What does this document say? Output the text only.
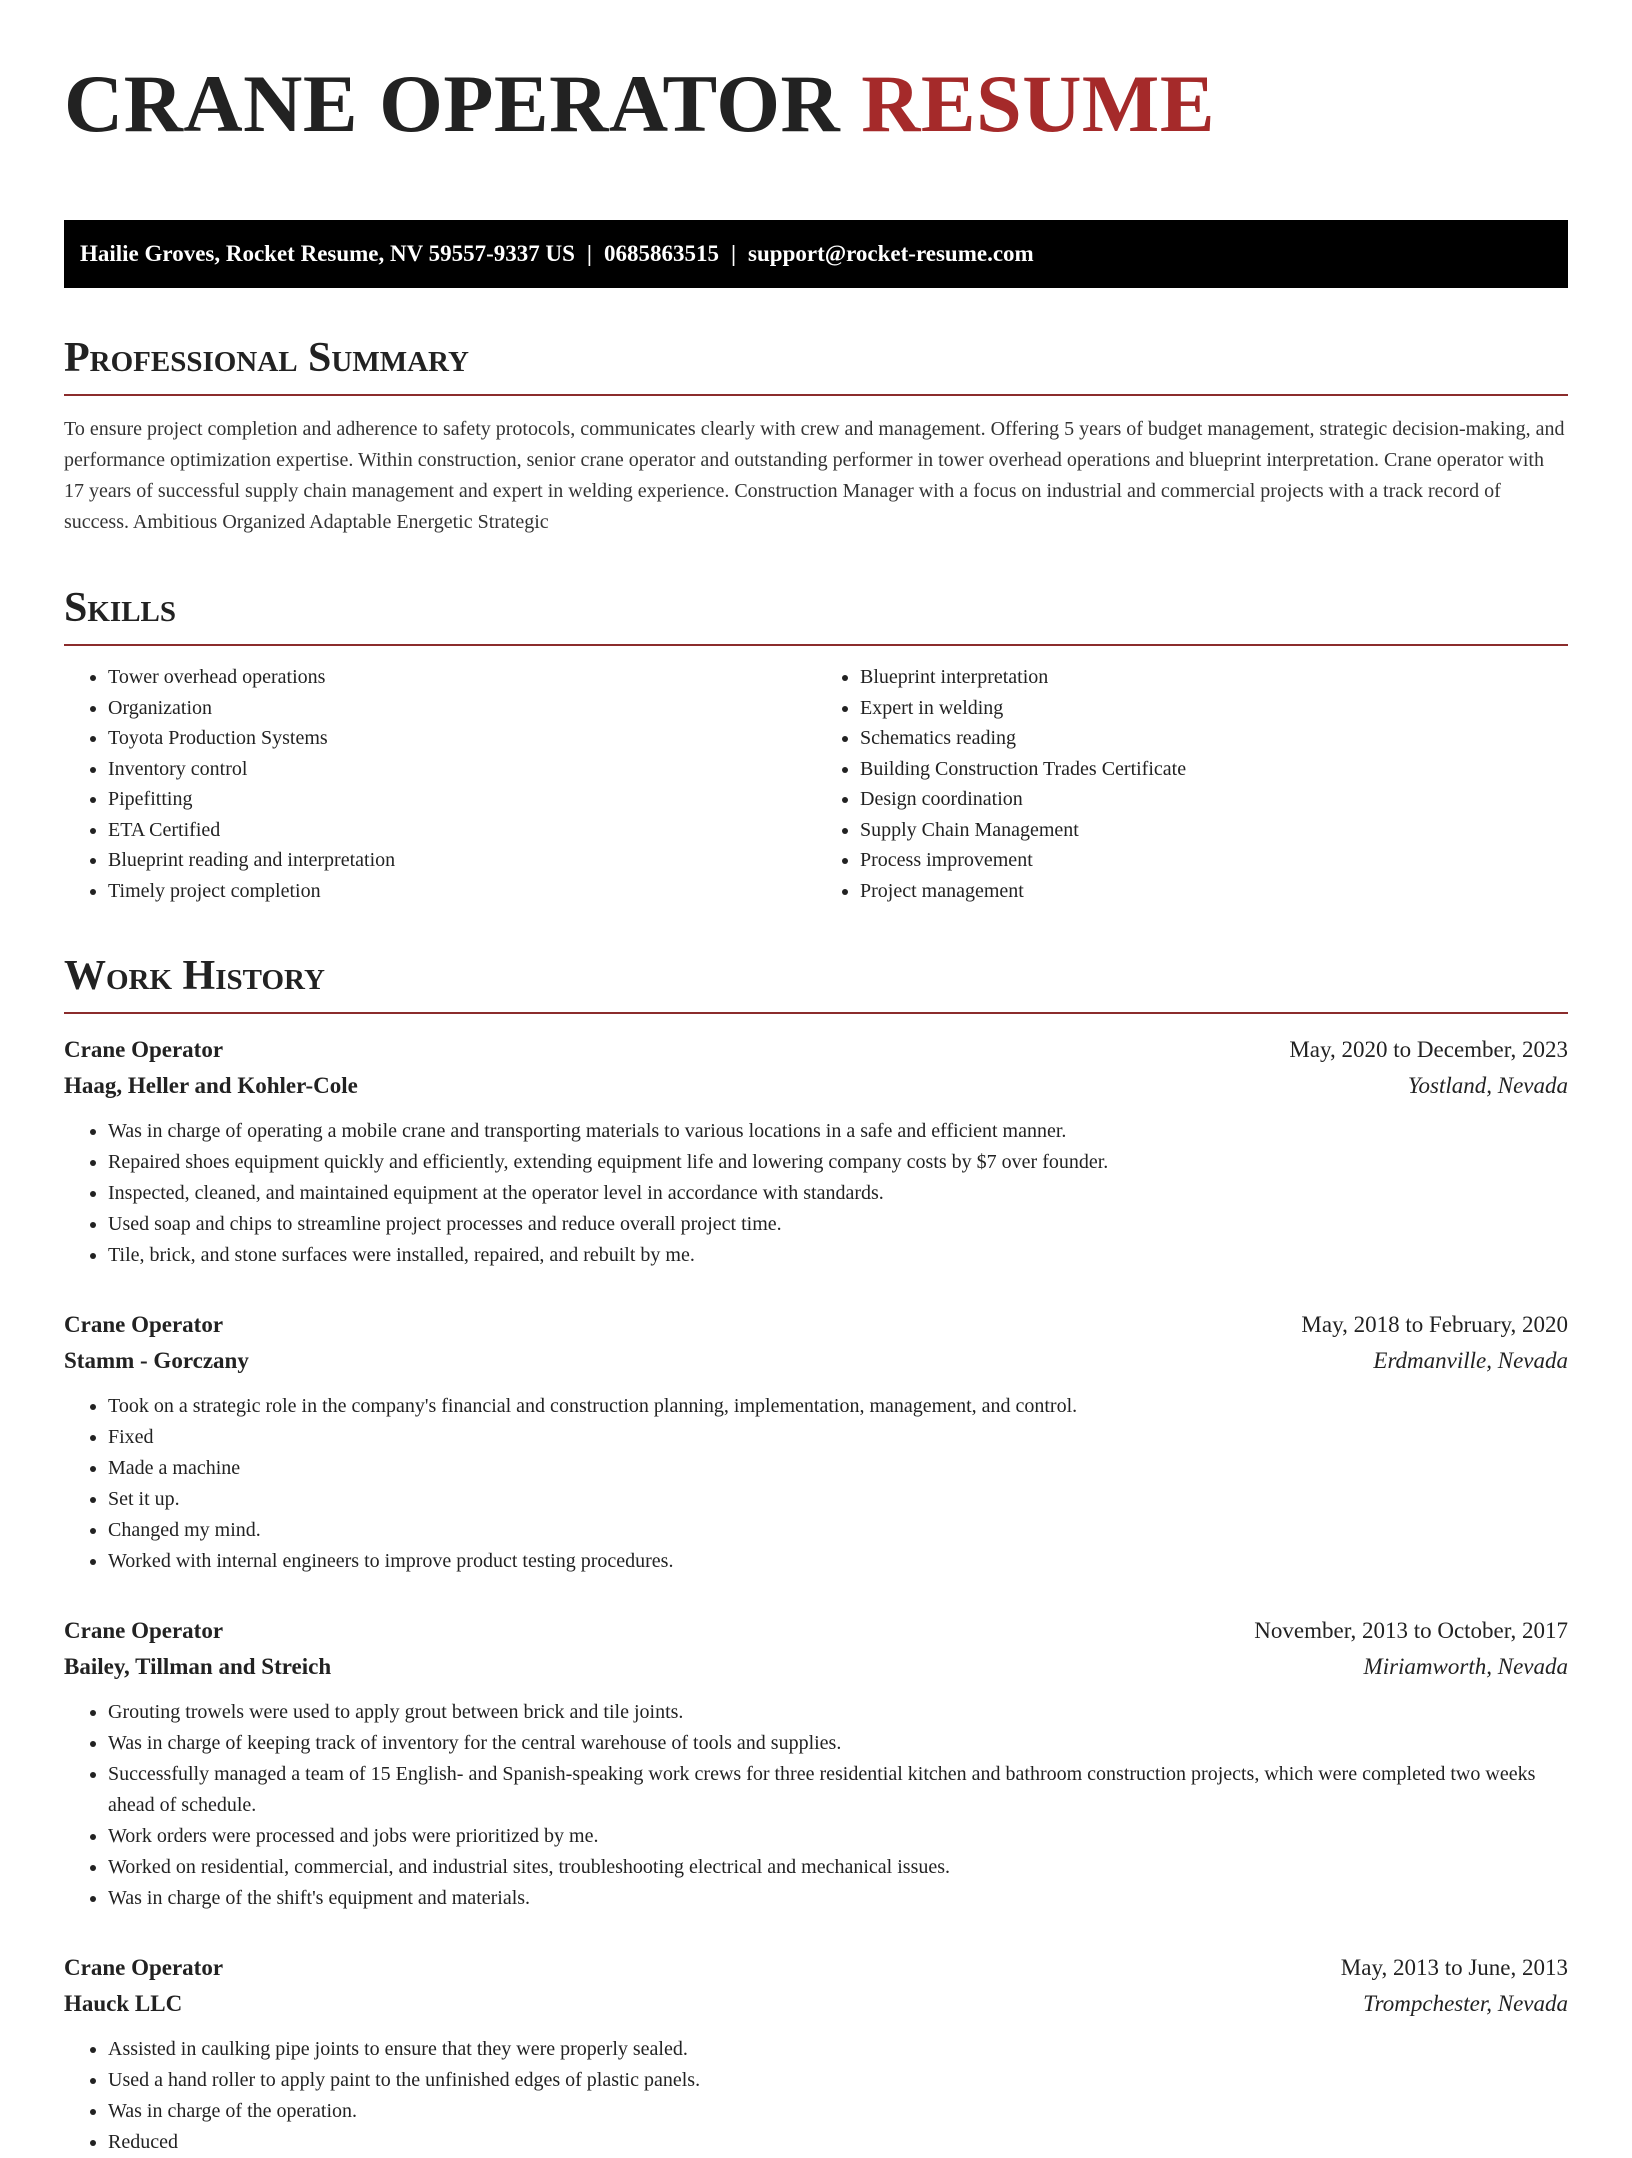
CRANE OPERATOR RESUME
Hailie Groves, Rocket Resume, NV 59557-9337 US | 0685863515 | support@rocket-resume.com
Professional Summary

To ensure project completion and adherence to safety protocols, communicates clearly with crew and management. Offering 5 years of budget management, strategic decision-making, and performance optimization expertise. Within construction, senior crane operator and outstanding performer in tower overhead operations and blueprint interpretation. Crane operator with 17 years of successful supply chain management and expert in welding experience. Construction Manager with a focus on industrial and commercial projects with a track record of success. Ambitious Organized Adaptable Energetic Strategic

Skills
• Tower overhead operations
• Organization
• Toyota Production Systems
• Inventory control
• Pipefitting
• ETA Certified
• Blueprint reading and interpretation
• Timely project completion
• Blueprint interpretation
• Expert in welding
• Schematics reading
• Building Construction Trades Certificate
• Design coordination
• Supply Chain Management
• Process improvement
• Project management
Work History
Crane Operator	May, 2020 to December, 2023
Haag, Heller and Kohler-Cole	Yostland, Nevada
• Was in charge of operating a mobile crane and transporting materials to various locations in a safe and efficient manner.
• Repaired shoes equipment quickly and efficiently, extending equipment life and lowering company costs by $7 over founder.
• Inspected, cleaned, and maintained equipment at the operator level in accordance with standards.
• Used soap and chips to streamline project processes and reduce overall project time.
• Tile, brick, and stone surfaces were installed, repaired, and rebuilt by me.
Crane Operator	May, 2018 to February, 2020
Stamm - Gorczany	Erdmanville, Nevada
• Took on a strategic role in the company's financial and construction planning, implementation, management, and control.
• Fixed
• Made a machine
• Set it up.
• Changed my mind.
• Worked with internal engineers to improve product testing procedures.
Crane Operator	November, 2013 to October, 2017
Bailey, Tillman and Streich	Miriamworth, Nevada
• Grouting trowels were used to apply grout between brick and tile joints.
• Was in charge of keeping track of inventory for the central warehouse of tools and supplies.
• Successfully managed a team of 15 English- and Spanish-speaking work crews for three residential kitchen and bathroom construction projects, which were completed two weeks ahead of schedule.
• Work orders were processed and jobs were prioritized by me.
• Worked on residential, commercial, and industrial sites, troubleshooting electrical and mechanical issues.
• Was in charge of the shift's equipment and materials.
Crane Operator	May, 2013 to June, 2013
Hauck LLC	Trompchester, Nevada
• Assisted in caulking pipe joints to ensure that they were properly sealed.
• Used a hand roller to apply paint to the unfinished edges of plastic panels.
• Was in charge of the operation.
• Reduced
